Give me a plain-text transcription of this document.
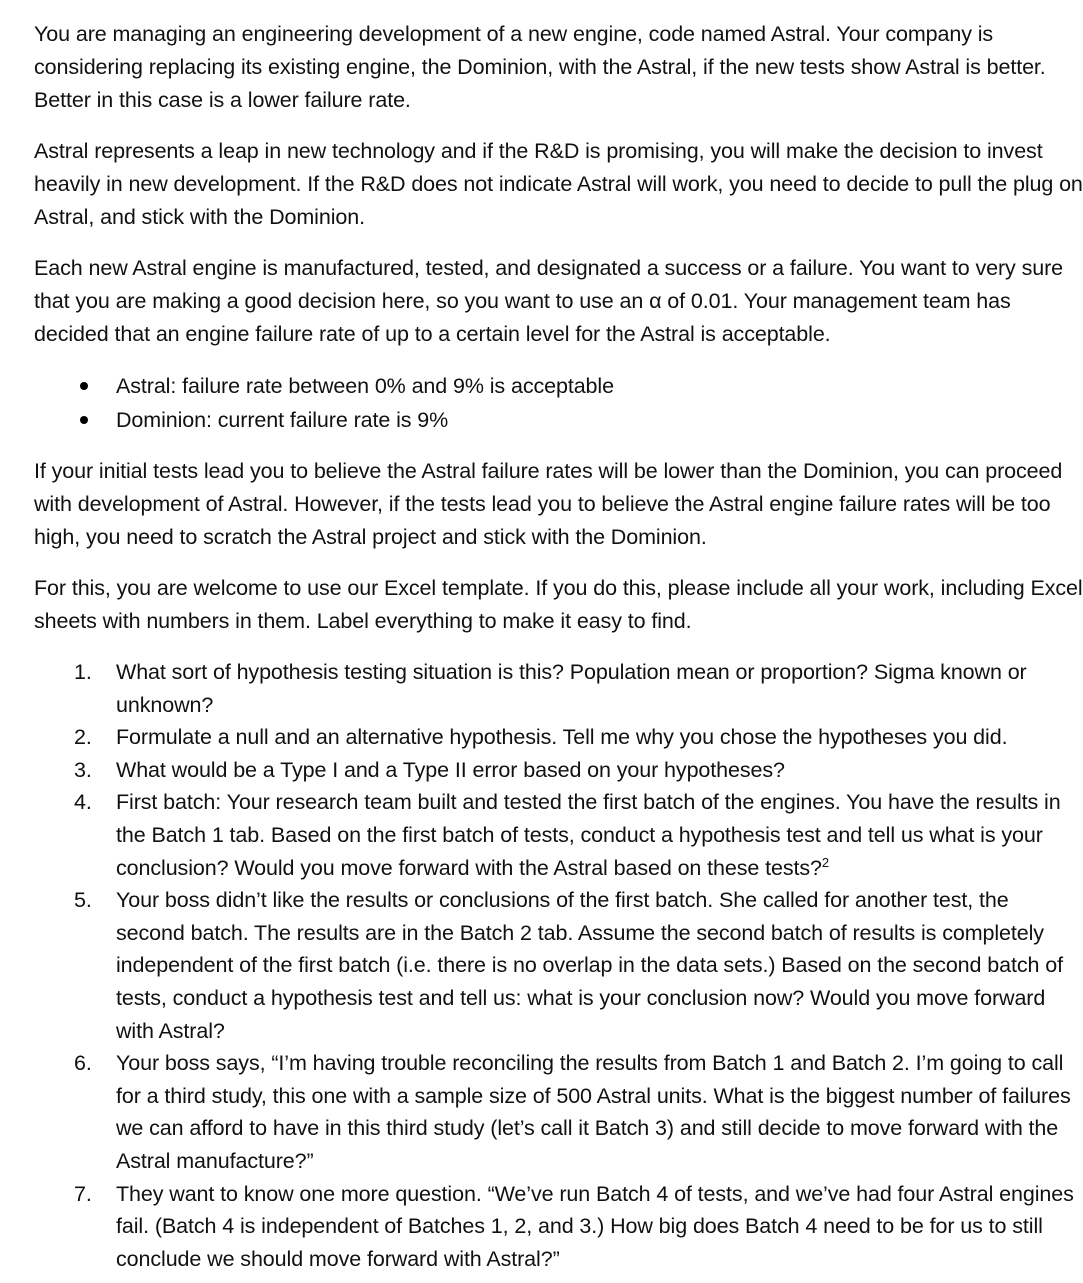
You are managing an engineering development of a new engine, code named Astral. Your company is considering replacing its existing engine, the Dominion, with the Astral, if the new tests show Astral is better. Better in this case is a lower failure rate.

Astral represents a leap in new technology and if the R&D is promising, you will make the decision to invest heavily in new development. If the R&D does not indicate Astral will work, you need to decide to pull the plug on Astral, and stick with the Dominion.

Each new Astral engine is manufactured, tested, and designated a success or a failure. You want to very sure that you are making a good decision here, so you want to use an α of 0.01. Your management team has decided that an engine failure rate of up to a certain level for the Astral is acceptable.

Astral: failure rate between 0% and 9% is acceptable
Dominion: current failure rate is 9%

If your initial tests lead you to believe the Astral failure rates will be lower than the Dominion, you can proceed with development of Astral. However, if the tests lead you to believe the Astral engine failure rates will be too high, you need to scratch the Astral project and stick with the Dominion.

For this, you are welcome to use our Excel template. If you do this, please include all your work, including Excel sheets with numbers in them. Label everything to make it easy to find.

1. What sort of hypothesis testing situation is this? Population mean or proportion? Sigma known or unknown?
2. Formulate a null and an alternative hypothesis. Tell me why you chose the hypotheses you did.
3. What would be a Type I and a Type II error based on your hypotheses?
4. First batch: Your research team built and tested the first batch of the engines. You have the results in the Batch 1 tab. Based on the first batch of tests, conduct a hypothesis test and tell us what is your conclusion? Would you move forward with the Astral based on these tests?$^2$
5. Your boss didn’t like the results or conclusions of the first batch. She called for another test, the second batch. The results are in the Batch 2 tab. Assume the second batch of results is completely independent of the first batch (i.e. there is no overlap in the data sets.) Based on the second batch of tests, conduct a hypothesis test and tell us: what is your conclusion now? Would you move forward with Astral?
6. Your boss says, “I’m having trouble reconciling the results from Batch 1 and Batch 2. I’m going to call for a third study, this one with a sample size of 500 Astral units. What is the biggest number of failures we can afford to have in this third study (let’s call it Batch 3) and still decide to move forward with the Astral manufacture?”
7. They want to know one more question. “We’ve run Batch 4 of tests, and we’ve had four Astral engines fail. (Batch 4 is independent of Batches 1, 2, and 3.) How big does Batch 4 need to be for us to still conclude we should move forward with Astral?”
